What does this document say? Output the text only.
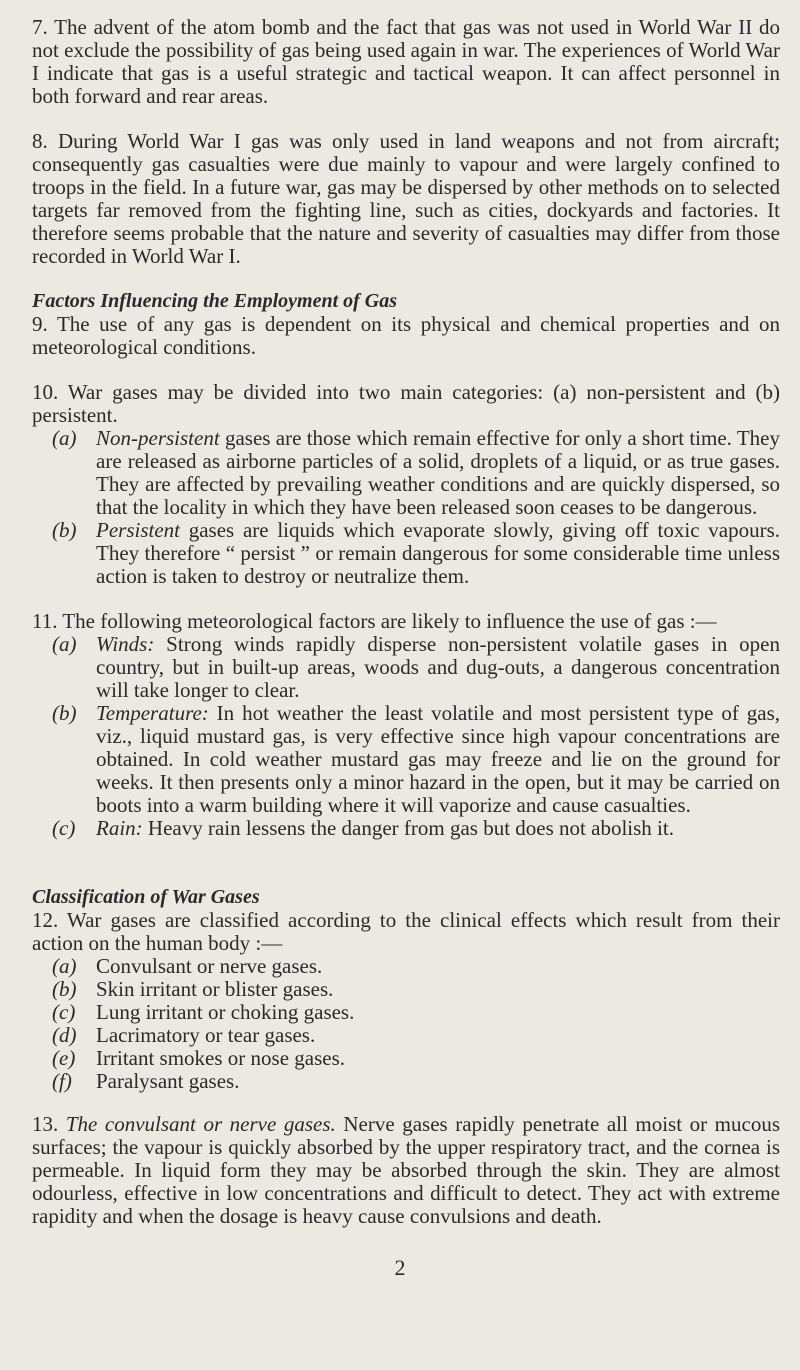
7. The advent of the atom bomb and the fact that gas was not used in World War II do not exclude the possibility of gas being used again in war. The experiences of World War I indicate that gas is a useful strategic and tactical weapon. It can affect personnel in both forward and rear areas.

8. During World War I gas was only used in land weapons and not from aircraft; consequently gas casualties were due mainly to vapour and were largely confined to troops in the field. In a future war, gas may be dispersed by other methods on to selected targets far removed from the fighting line, such as cities, dockyards and factories. It therefore seems probable that the nature and severity of casualties may differ from those recorded in World War I.

Factors Influencing the Employment of Gas

9. The use of any gas is dependent on its physical and chemical properties and on meteorological conditions.

10. War gases may be divided into two main categories: (a) non-persistent and (b) persistent.

(a) Non-persistent gases are those which remain effective for only a short time. They are released as airborne particles of a solid, droplets of a liquid, or as true gases. They are affected by prevailing weather conditions and are quickly dispersed, so that the locality in which they have been released soon ceases to be dangerous.
(b) Persistent gases are liquids which evaporate slowly, giving off toxic vapours. They therefore “ persist ” or remain dangerous for some considerable time unless action is taken to destroy or neutralize them.

11. The following meteorological factors are likely to influence the use of gas :—

(a) Winds: Strong winds rapidly disperse non-persistent volatile gases in open country, but in built-up areas, woods and dug-outs, a dangerous concentration will take longer to clear.
(b) Temperature: In hot weather the least volatile and most persistent type of gas, viz., liquid mustard gas, is very effective since high vapour concentrations are obtained. In cold weather mustard gas may freeze and lie on the ground for weeks. It then presents only a minor hazard in the open, but it may be carried on boots into a warm building where it will vaporize and cause casualties.
(c) Rain: Heavy rain lessens the danger from gas but does not abolish it.

Classification of War Gases

12. War gases are classified according to the clinical effects which result from their action on the human body :—

(a) Convulsant or nerve gases.
(b) Skin irritant or blister gases.
(c) Lung irritant or choking gases.
(d) Lacrimatory or tear gases.
(e) Irritant smokes or nose gases.
(f)	Paralysant gases.

13. The convulsant or nerve gases. Nerve gases rapidly penetrate all moist or mucous surfaces; the vapour is quickly absorbed by the upper respiratory tract, and the cornea is permeable. In liquid form they may be absorbed through the skin. They are almost odourless, effective in low concentrations and difficult to detect. They act with extreme rapidity and when the dosage is heavy cause convulsions and death.

2
